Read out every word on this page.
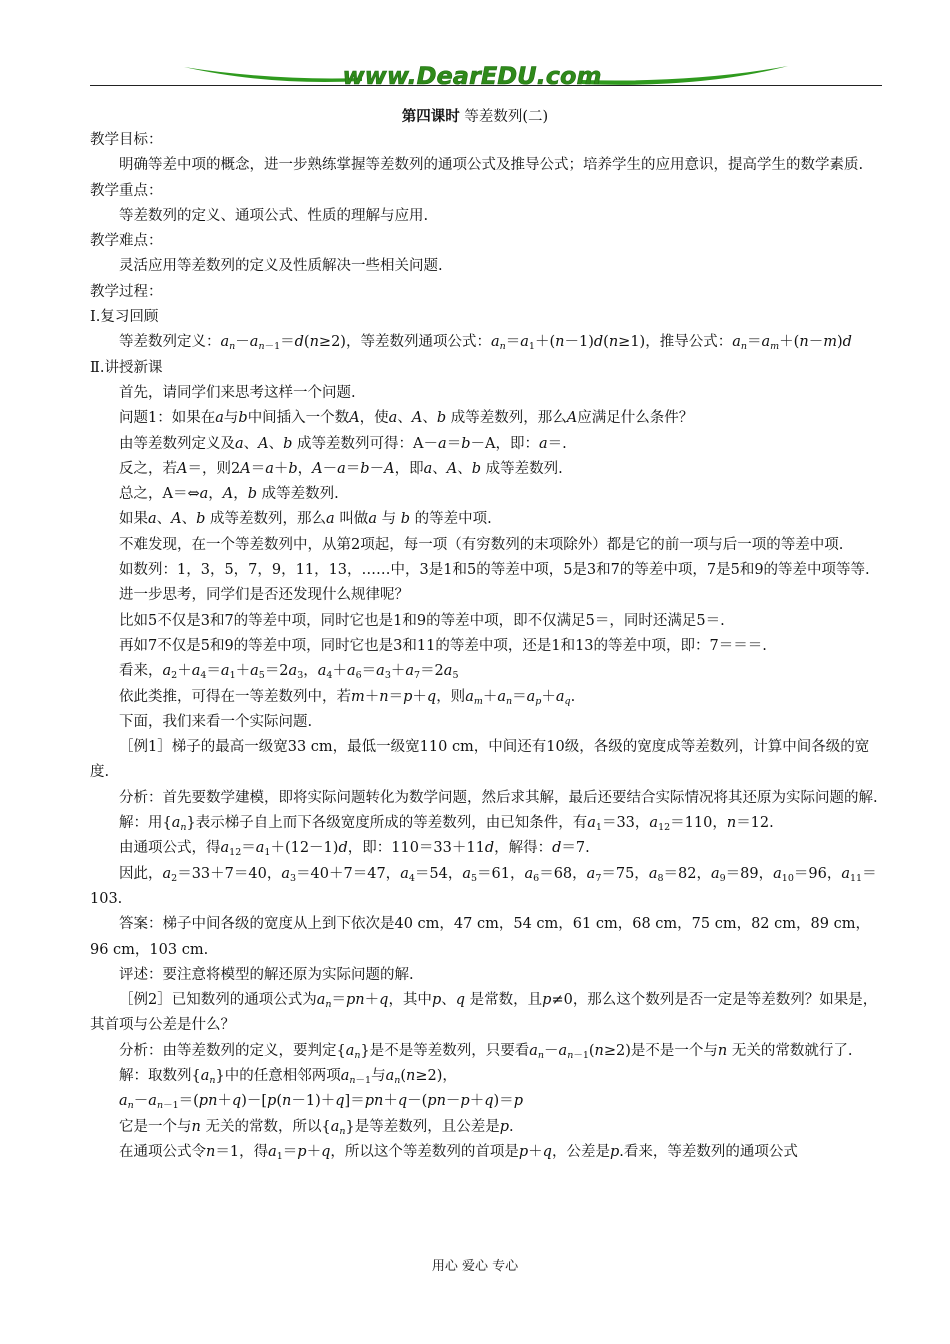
www.DearEDU.com
第四课时 等差数列(二)

教学目标：

明确等差中项的概念，进一步熟练掌握等差数列的通项公式及推导公式；培养学生的应用意识，提高学生的数学素质.

教学重点：

等差数列的定义、通项公式、性质的理解与应用.

教学难点：

灵活应用等差数列的定义及性质解决一些相关问题.

教学过程：

Ⅰ.复习回顾

等差数列定义：$a_n-a_{n-1}=d(n\ge 2)$，等差数列通项公式：$a_n=a_1+(n-1)d(n\ge 1)$，推导公式：$a_n=a_m+(n-m)d$

Ⅱ.讲授新课

首先，请同学们来思考这样一个问题.

问题1：如果在a与b中间插入一个数A，使a、A、b 成等差数列，那么A应满足什么条件？

由等差数列定义及a、A、b 成等差数列可得：A－a＝b－A，即：a＝.

反之，若A＝，则2A＝a＋b，A－a＝b－A，即a、A、b 成等差数列.

总之，A＝⇔a，A，b 成等差数列.

如果a、A、b 成等差数列，那么a 叫做a 与 b 的等差中项.

不难发现，在一个等差数列中，从第2项起，每一项（有穷数列的末项除外）都是它的前一项与后一项的等差中项.

如数列：1，3，5，7，9，11，13，……中，3是1和5的等差中项，5是3和7的等差中项，7是5和9的等差中项等等.

进一步思考，同学们是否还发现什么规律呢？

比如5不仅是3和7的等差中项，同时它也是1和9的等差中项，即不仅满足5＝，同时还满足5＝.

再如7不仅是5和9的等差中项，同时它也是3和11的等差中项，还是1和13的等差中项，即：7＝＝＝.

看来，$a_2+a_4=a_1+a_5=2a_3$，$a_4+a_6=a_3+a_7=2a_5$

依此类推，可得在一等差数列中，若m＋n＝p＋q，则$a_m+a_n=a_p+a_q$.

下面，我们来看一个实际问题.

［例1］梯子的最高一级宽33 cm，最低一级宽110 cm，中间还有10级，各级的宽度成等差数列，计算中间各级的宽度.

分析：首先要数学建模，即将实际问题转化为数学问题，然后求其解，最后还要结合实际情况将其还原为实际问题的解.

解：用$\{a_n\}$表示梯子自上而下各级宽度所成的等差数列，由已知条件，有$a_1=33$，$a_{12}=110$，n＝12.

由通项公式，得$a_{12}=a_1+(12-1)d$，即：110＝33＋11d，解得：d＝7.

因此，$a_2=33+7=40$，$a_3=40+7=47$，$a_4=54$，$a_5=61$，$a_6=68$，$a_7=75$，$a_8=82$，$a_9=89$，$a_{10}=96$，$a_{11}=103$.

答案：梯子中间各级的宽度从上到下依次是40 cm，47 cm，54 cm，61 cm，68 cm，75 cm，82 cm，89 cm，96 cm，103 cm.

评述：要注意将模型的解还原为实际问题的解.

［例2］已知数列的通项公式为$a_n=pn+q$，其中p、q 是常数，且p≠0，那么这个数列是否一定是等差数列？如果是，其首项与公差是什么？

分析：由等差数列的定义，要判定$\{a_n\}$是不是等差数列，只要看$a_n-a_{n-1}(n\ge 2)$是不是一个与n 无关的常数就行了.

解：取数列$\{a_n\}$中的任意相邻两项$a_{n-1}$与$a_n(n\ge 2)$，

$a_n-a_{n-1}=(pn+q)-[p(n-1)+q]=pn+q-(pn-p+q)=p$

它是一个与n 无关的常数，所以$\{a_n\}$是等差数列，且公差是p.

在通项公式令n＝1，得$a_1=p+q$，所以这个等差数列的首项是p＋q，公差是p.看来，等差数列的通项公式

用心 爱心 专心
